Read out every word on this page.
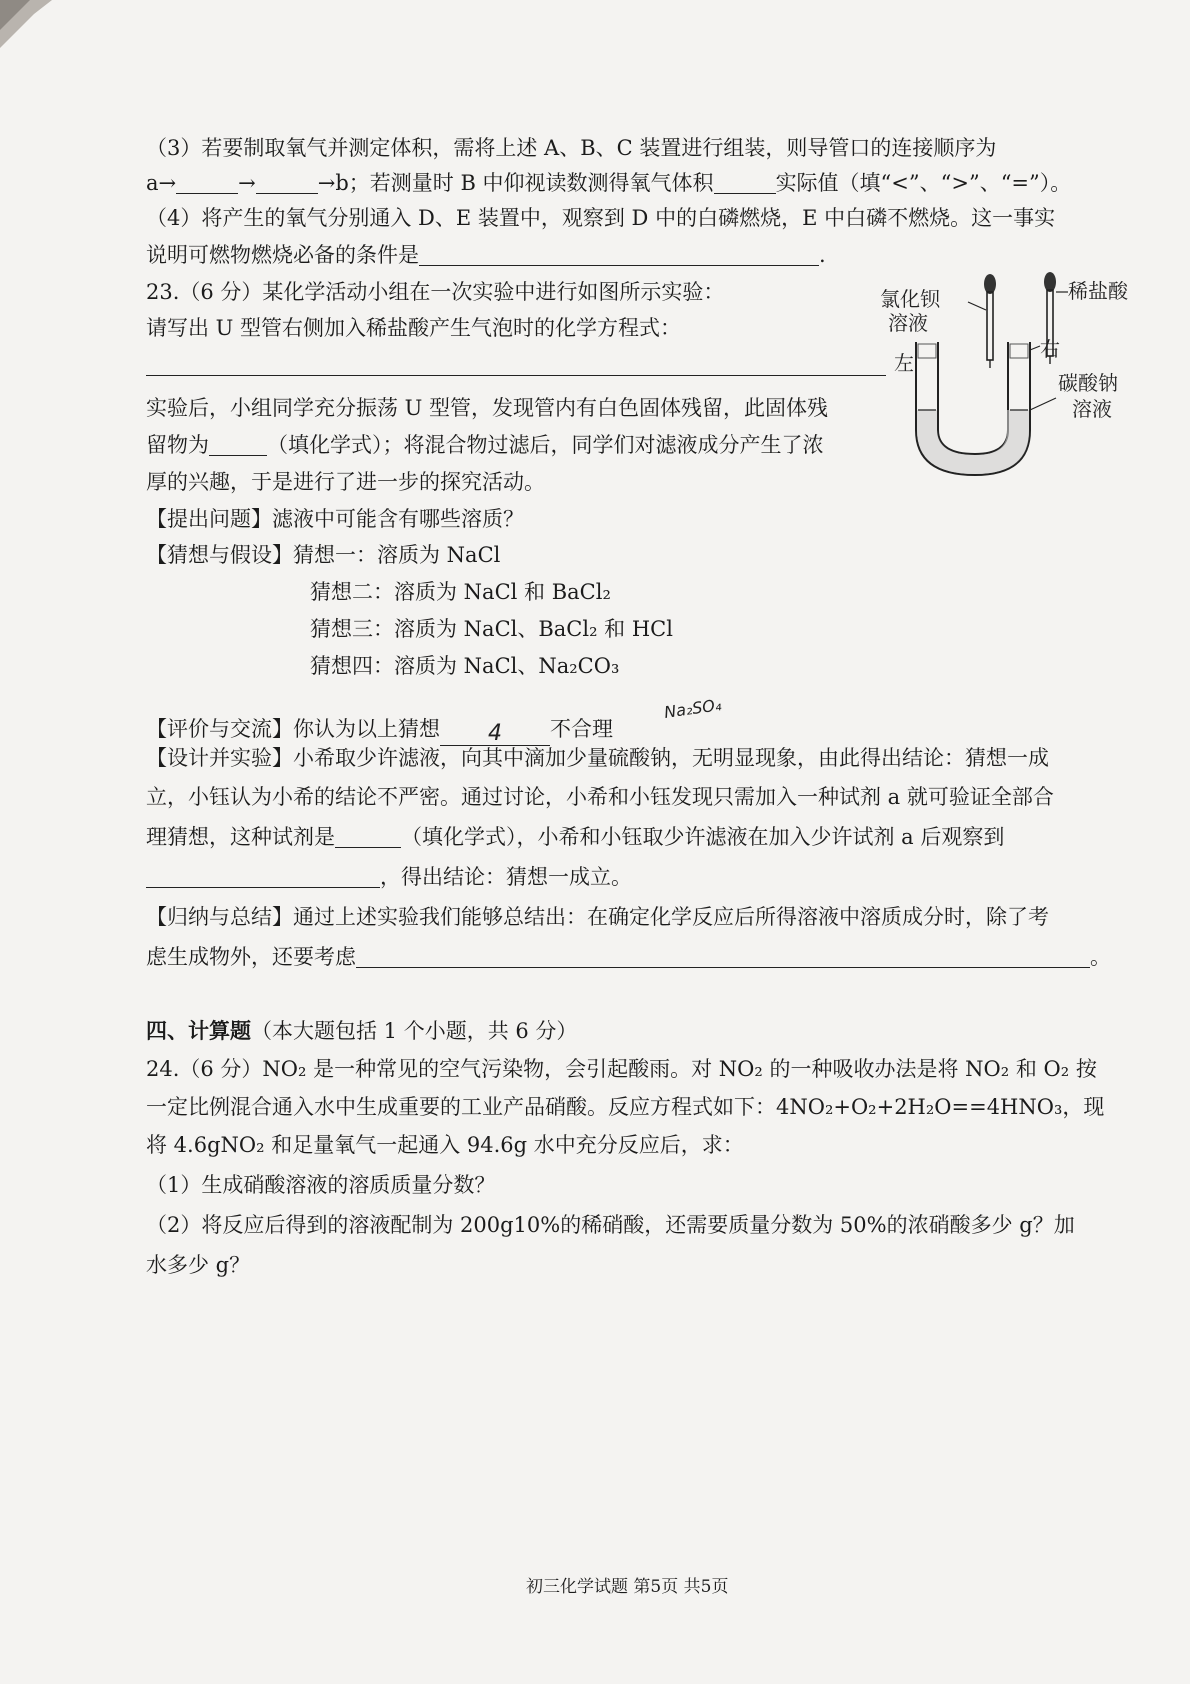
（3）若要制取氧气并测定体积，需将上述 A、B、C 装置进行组装，则导管口的连接顺序为
a→	→	→b；若测量时 B 中仰视读数测得氧气体积	实际值（填“<”、“>”、“=”）。
（4）将产生的氧气分别通入 D、E 装置中，观察到 D 中的白磷燃烧，E 中白磷不燃烧。这一事实
说明可燃物燃烧必备的条件是	.
23.（6 分）某化学活动小组在一次实验中进行如图所示实验：
请写出 U 型管右侧加入稀盐酸产生气泡时的化学方程式：
实验后，小组同学充分振荡 U 型管，发现管内有白色固体残留，此固体残
留物为	（填化学式）；将混合物过滤后，同学们对滤液成分产生了浓
厚的兴趣，于是进行了进一步的探究活动。
【提出问题】滤液中可能含有哪些溶质？
【猜想与假设】猜想一：溶质为 NaCl
猜想二：溶质为 NaCl 和 BaCl₂
猜想三：溶质为 NaCl、BaCl₂ 和 HCl
猜想四：溶质为 NaCl、Na₂CO₃
【评价与交流】你认为以上猜想 4 不合理
Na₂SO₄
【设计并实验】小希取少许滤液，向其中滴加少量硫酸钠，无明显现象，由此得出结论：猜想一成
立，小钰认为小希的结论不严密。通过讨论，小希和小钰发现只需加入一种试剂 a 就可验证全部合
理猜想，这种试剂是	（填化学式），小希和小钰取少许滤液在加入少许试剂 a 后观察到
，得出结论：猜想一成立。
【归纳与总结】通过上述实验我们能够总结出：在确定化学反应后所得溶液中溶质成分时，除了考
虑生成物外，还要考虑	。
氯化钡
溶液
稀盐酸
左
右
碳酸钠
溶液
四、计算题（本大题包括 1 个小题，共 6 分）
24.（6 分）NO₂ 是一种常见的空气污染物，会引起酸雨。对 NO₂ 的一种吸收办法是将 NO₂ 和 O₂ 按
一定比例混合通入水中生成重要的工业产品硝酸。反应方程式如下：4NO₂+O₂+2H₂O==4HNO₃，现
将 4.6gNO₂ 和足量氧气一起通入 94.6g 水中充分反应后，求：
（1）生成硝酸溶液的溶质质量分数？
（2）将反应后得到的溶液配制为 200g10%的稀硝酸，还需要质量分数为 50%的浓硝酸多少 g？加
水多少 g？
初三化学试题 第5页 共5页
